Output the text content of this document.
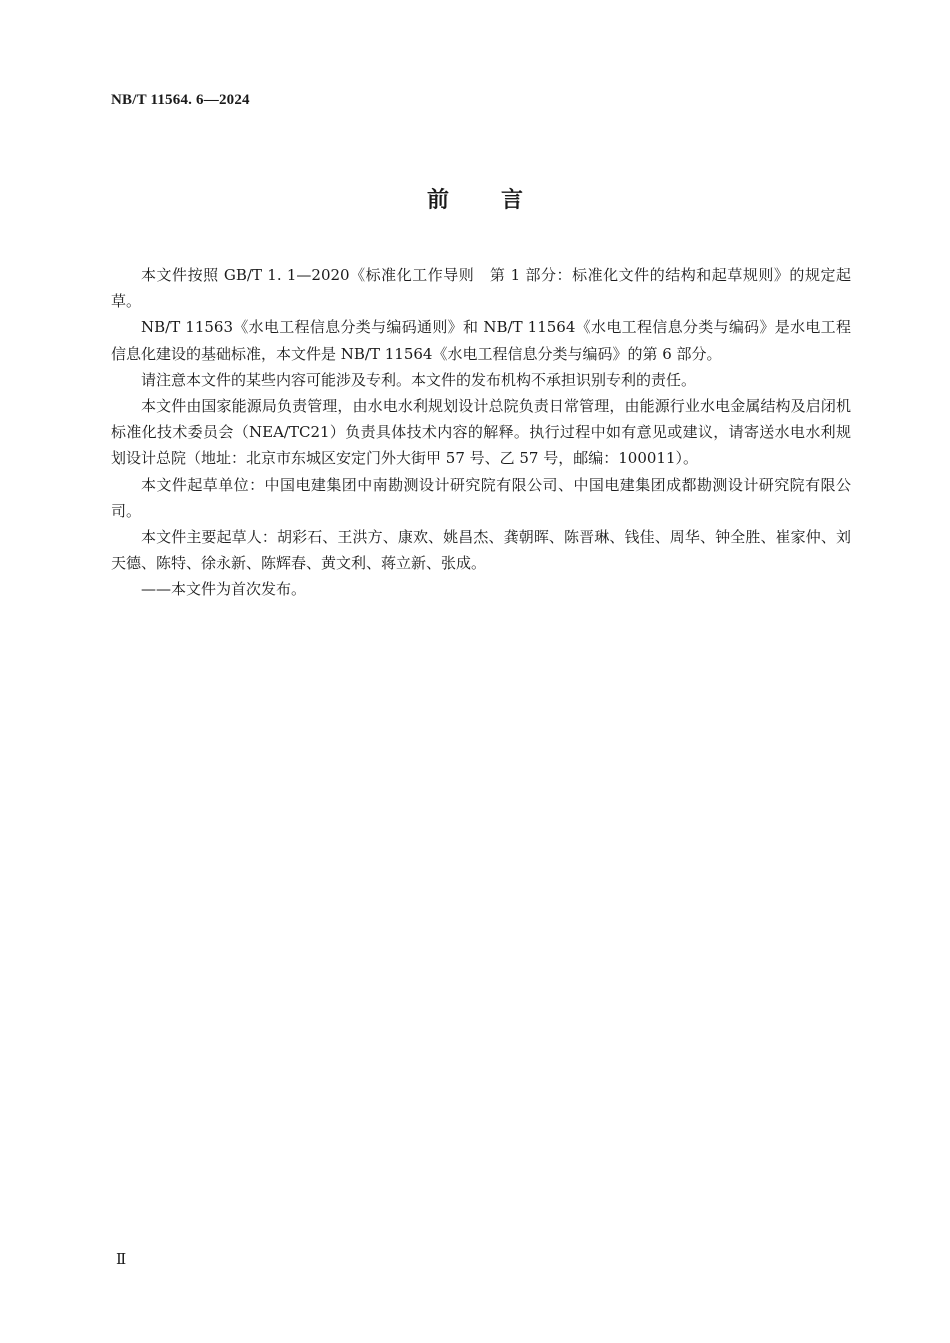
NB/T 11564. 6—2024
前言

本文件按照 GB/T 1. 1—2020《标准化工作导则　第 1 部分：标准化文件的结构和起草规则》的规定起草。

NB/T 11563《水电工程信息分类与编码通则》和 NB/T 11564《水电工程信息分类与编码》是水电工程信息化建设的基础标准，本文件是 NB/T 11564《水电工程信息分类与编码》的第 6 部分。

请注意本文件的某些内容可能涉及专利。本文件的发布机构不承担识别专利的责任。

本文件由国家能源局负责管理，由水电水利规划设计总院负责日常管理，由能源行业水电金属结构及启闭机标准化技术委员会（NEA/TC21）负责具体技术内容的解释。执行过程中如有意见或建议，请寄送水电水利规划设计总院（地址：北京市东城区安定门外大街甲 57 号、乙 57 号，邮编：100011）。

本文件起草单位：中国电建集团中南勘测设计研究院有限公司、中国电建集团成都勘测设计研究院有限公司。

本文件主要起草人：胡彩石、王洪方、康欢、姚昌杰、龚朝晖、陈晋琳、钱佳、周华、钟全胜、崔家仲、刘天德、陈特、徐永新、陈辉春、黄文利、蒋立新、张成。

——本文件为首次发布。

Ⅱ
